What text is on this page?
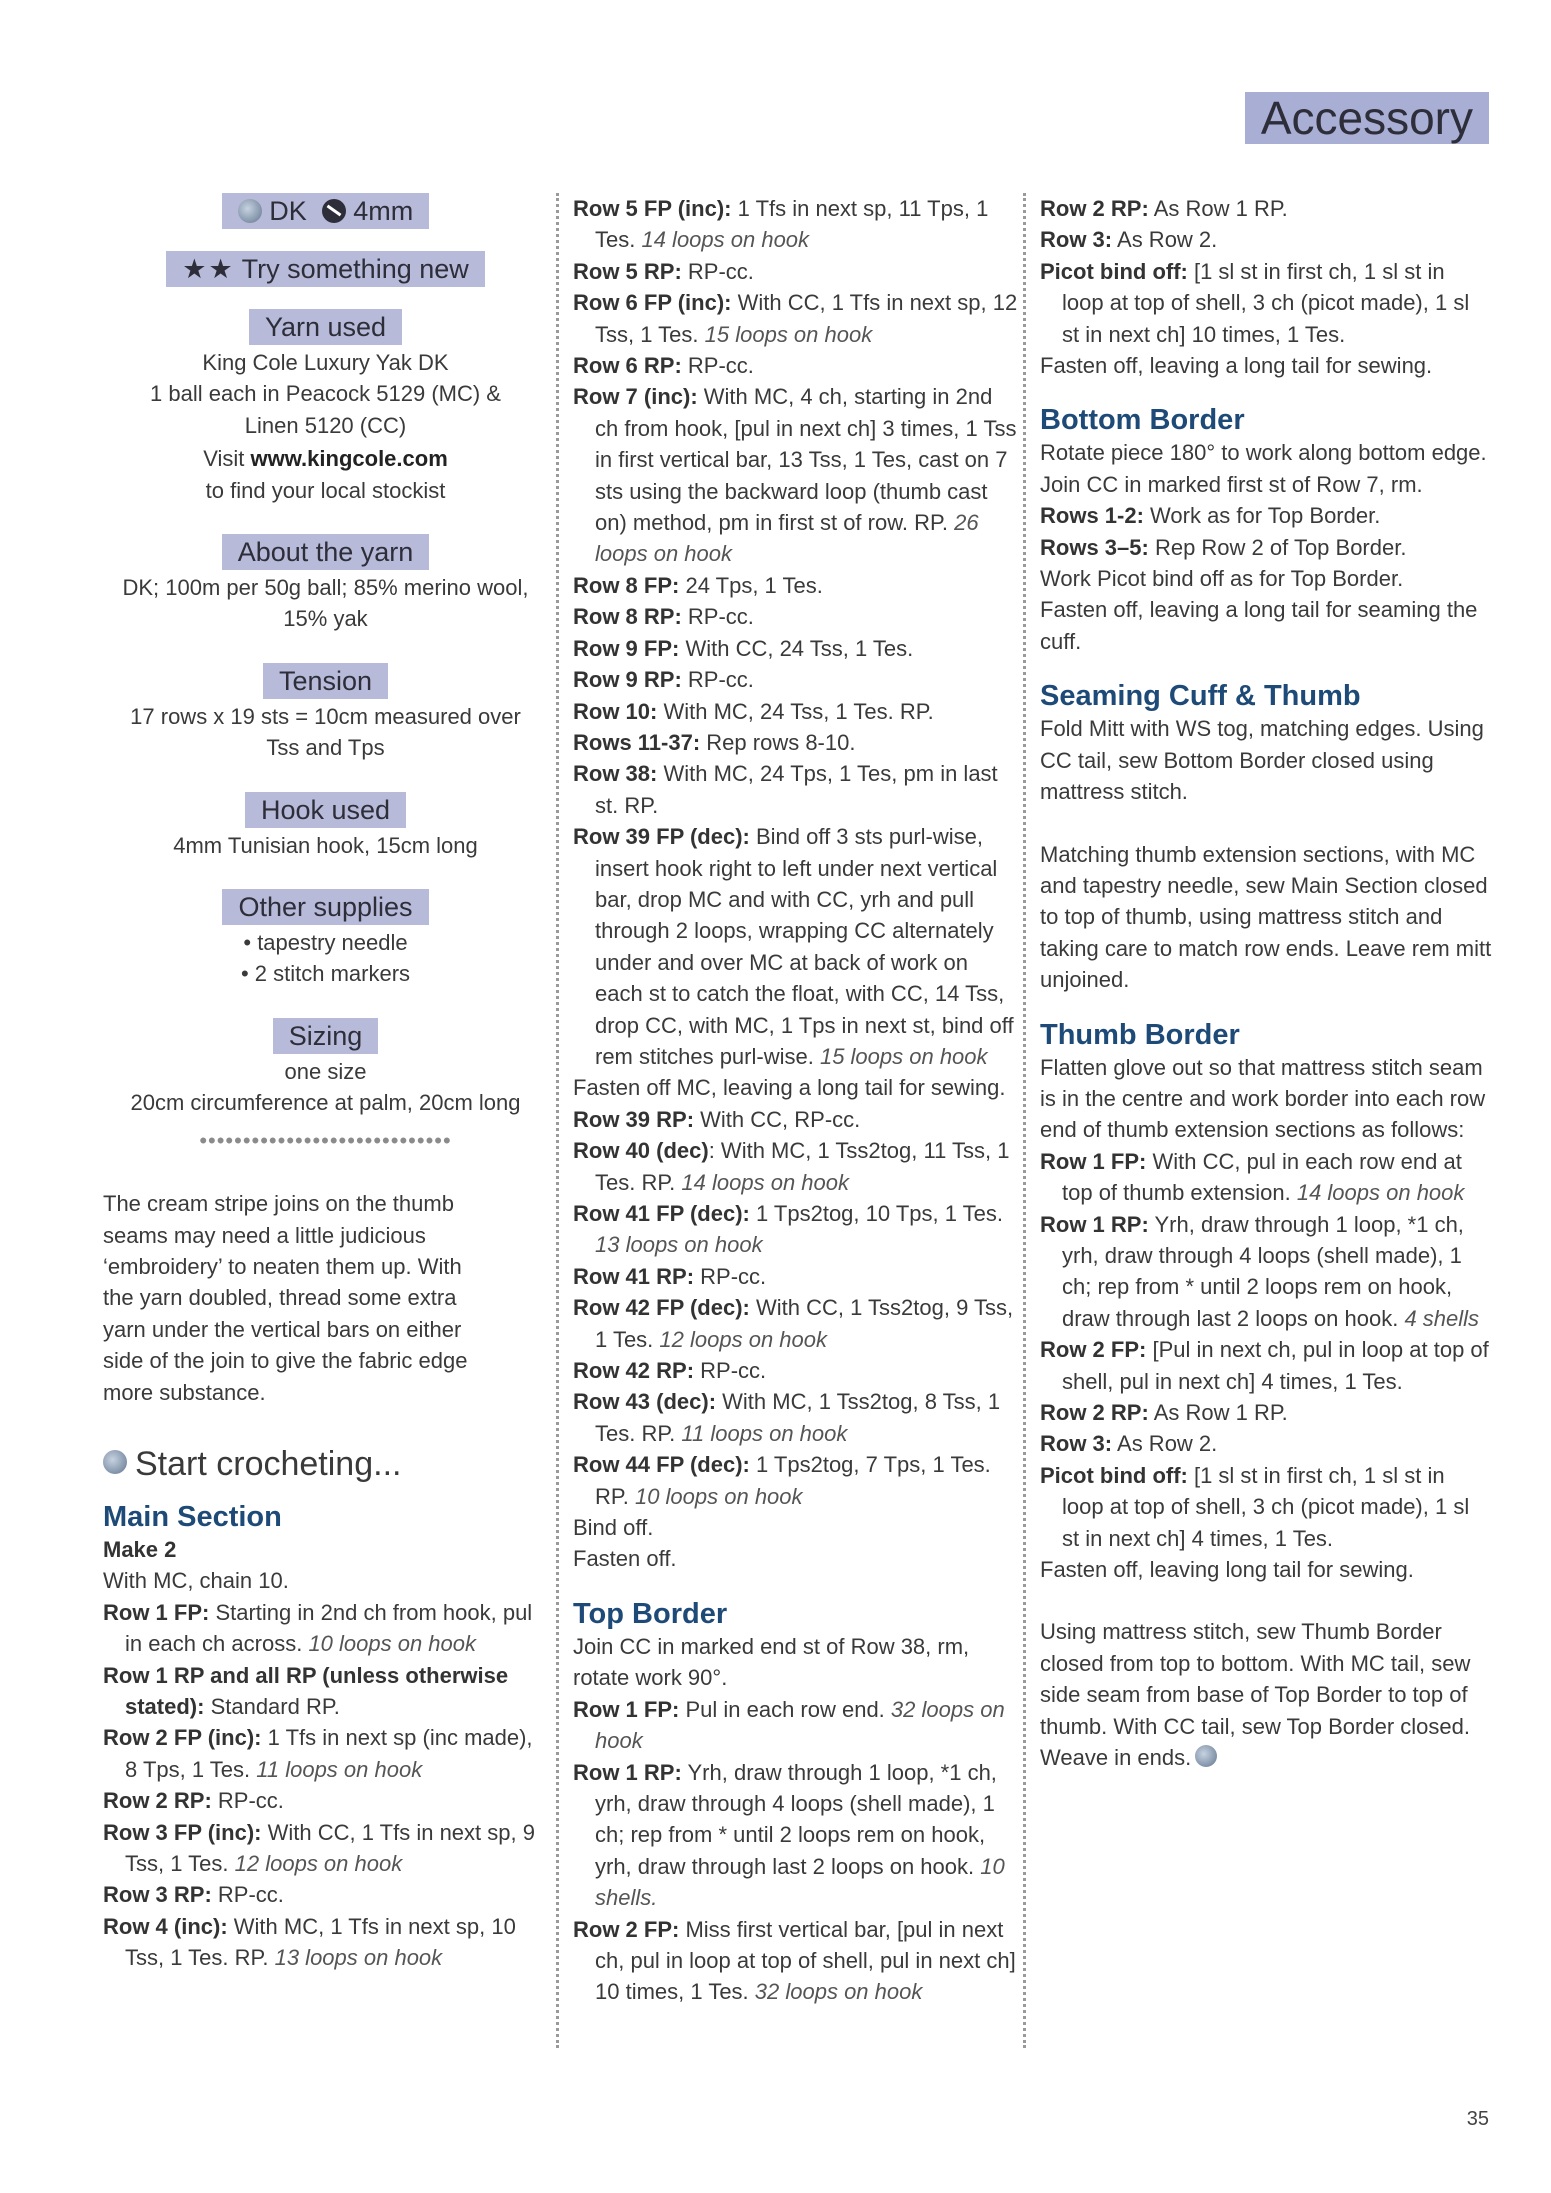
Accessory
DK 4mm
★★ Try something new
Yarn used
King Cole Luxury Yak DK
1 ball each in Peacock 5129 (MC) &
Linen 5120 (CC)
Visit www.kingcole.com
to find your local stockist
About the yarn
DK; 100m per 50g ball; 85% merino wool,
15% yak
Tension
17 rows x 19 sts = 10cm measured over
Tss and Tps
Hook used
4mm Tunisian hook, 15cm long
Other supplies
• tapestry needle
• 2 stitch markers
Sizing
one size
20cm circumference at palm, 20cm long
•••••••••••••••••••••••••••••
The cream stripe joins on the thumb
seams may need a little judicious
‘embroidery’ to neaten them up. With
the yarn doubled, thread some extra
yarn under the vertical bars on either
side of the join to give the fabric edge
more substance.
Start crocheting...

Main Section

Make 2

With MC, chain 10.

Row 1 FP: Starting in 2nd ch from hook, pul in each ch across. 10 loops on hook

Row 1 RP and all RP (unless otherwise stated): Standard RP.

Row 2 FP (inc): 1 Tfs in next sp (inc made), 8 Tps, 1 Tes. 11 loops on hook

Row 2 RP: RP-cc.

Row 3 FP (inc): With CC, 1 Tfs in next sp, 9 Tss, 1 Tes. 12 loops on hook

Row 3 RP: RP-cc.

Row 4 (inc): With MC, 1 Tfs in next sp, 10 Tss, 1 Tes. RP. 13 loops on hook

Row 5 FP (inc): 1 Tfs in next sp, 11 Tps, 1 Tes. 14 loops on hook

Row 5 RP: RP-cc.

Row 6 FP (inc): With CC, 1 Tfs in next sp, 12 Tss, 1 Tes. 15 loops on hook

Row 6 RP: RP-cc.

Row 7 (inc): With MC, 4 ch, starting in 2nd ch from hook, [pul in next ch] 3 times, 1 Tss in first vertical bar, 13 Tss, 1 Tes, cast on 7 sts using the backward loop (thumb cast on) method, pm in first st of row. RP. 26 loops on hook

Row 8 FP: 24 Tps, 1 Tes.

Row 8 RP: RP-cc.

Row 9 FP: With CC, 24 Tss, 1 Tes.

Row 9 RP: RP-cc.

Row 10: With MC, 24 Tss, 1 Tes. RP.

Rows 11-37: Rep rows 8-10.

Row 38: With MC, 24 Tps, 1 Tes, pm in last st. RP.

Row 39 FP (dec): Bind off 3 sts purl-wise, insert hook right to left under next vertical bar, drop MC and with CC, yrh and pull through 2 loops, wrapping CC alternately under and over MC at back of work on each st to catch the float, with CC, 14 Tss, drop CC, with MC, 1 Tps in next st, bind off rem stitches purl-wise. 15 loops on hook

Fasten off MC, leaving a long tail for sewing.

Row 39 RP: With CC, RP-cc.

Row 40 (dec): With MC, 1 Tss2tog, 11 Tss, 1 Tes. RP. 14 loops on hook

Row 41 FP (dec): 1 Tps2tog, 10 Tps, 1 Tes. 13 loops on hook

Row 41 RP: RP-cc.

Row 42 FP (dec): With CC, 1 Tss2tog, 9 Tss, 1 Tes. 12 loops on hook

Row 42 RP: RP-cc.

Row 43 (dec): With MC, 1 Tss2tog, 8 Tss, 1 Tes. RP. 11 loops on hook

Row 44 FP (dec): 1 Tps2tog, 7 Tps, 1 Tes. RP. 10 loops on hook

Bind off.

Fasten off.

Top Border

Join CC in marked end st of Row 38, rm, rotate work 90°.

Row 1 FP: Pul in each row end. 32 loops on hook

Row 1 RP: Yrh, draw through 1 loop, *1 ch, yrh, draw through 4 loops (shell made), 1 ch; rep from * until 2 loops rem on hook, yrh, draw through last 2 loops on hook. 10 shells.

Row 2 FP: Miss first vertical bar, [pul in next ch, pul in loop at top of shell, pul in next ch] 10 times, 1 Tes. 32 loops on hook

Row 2 RP: As Row 1 RP.

Row 3: As Row 2.

Picot bind off: [1 sl st in first ch, 1 sl st in loop at top of shell, 3 ch (picot made), 1 sl st in next ch] 10 times, 1 Tes.

Fasten off, leaving a long tail for sewing.

Bottom Border

Rotate piece 180° to work along bottom edge.
Join CC in marked first st of Row 7, rm.

Rows 1-2: Work as for Top Border.

Rows 3–5: Rep Row 2 of Top Border.

Work Picot bind off as for Top Border.
Fasten off, leaving a long tail for seaming the cuff.

Seaming Cuff & Thumb

Fold Mitt with WS tog, matching edges. Using CC tail, sew Bottom Border closed using mattress stitch.

Matching thumb extension sections, with MC and tapestry needle, sew Main Section closed to top of thumb, using mattress stitch and taking care to match row ends. Leave rem mitt unjoined.

Thumb Border

Flatten glove out so that mattress stitch seam is in the centre and work border into each row end of thumb extension sections as follows:

Row 1 FP: With CC, pul in each row end at top of thumb extension. 14 loops on hook

Row 1 RP: Yrh, draw through 1 loop, *1 ch, yrh, draw through 4 loops (shell made), 1 ch; rep from * until 2 loops rem on hook, draw through last 2 loops on hook. 4 shells

Row 2 FP: [Pul in next ch, pul in loop at top of shell, pul in next ch] 4 times, 1 Tes.

Row 2 RP: As Row 1 RP.

Row 3: As Row 2.

Picot bind off: [1 sl st in first ch, 1 sl st in loop at top of shell, 3 ch (picot made), 1 sl st in next ch] 4 times, 1 Tes.

Fasten off, leaving long tail for sewing.

Using mattress stitch, sew Thumb Border closed from top to bottom. With MC tail, sew side seam from base of Top Border to top of thumb. With CC tail, sew Top Border closed.

Weave in ends.

35
